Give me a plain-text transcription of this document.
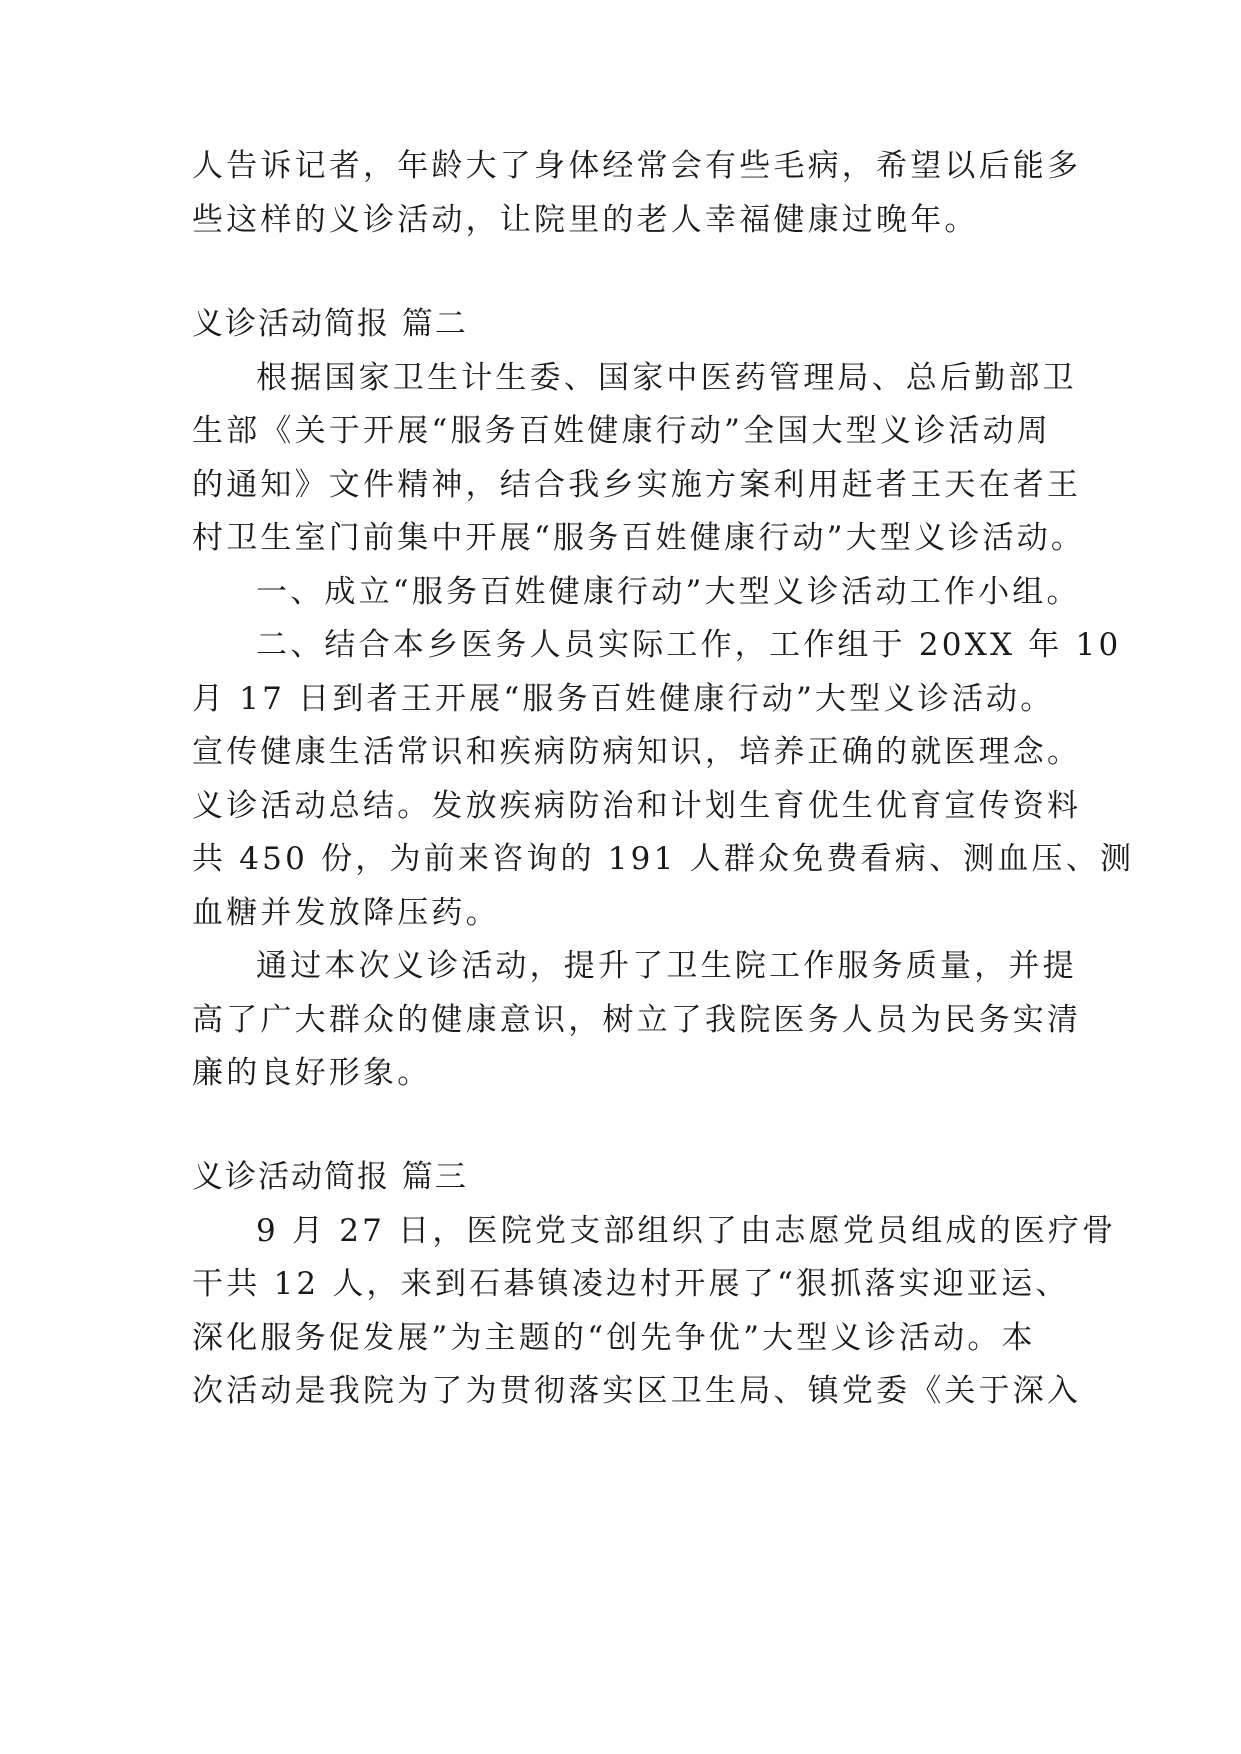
人告诉记者，年龄大了身体经常会有些毛病，希望以后能多
些这样的义诊活动，让院里的老人幸福健康过晚年。
义诊活动简报 篇二
根据国家卫生计生委、国家中医药管理局、总后勤部卫
生部《关于开展“服务百姓健康行动”全国大型义诊活动周
的通知》文件精神，结合我乡实施方案利用赶者王天在者王
村卫生室门前集中开展“服务百姓健康行动”大型义诊活动。
一、成立“服务百姓健康行动”大型义诊活动工作小组。
二、结合本乡医务人员实际工作，工作组于 20XX 年 10
月 17 日到者王开展“服务百姓健康行动”大型义诊活动。
宣传健康生活常识和疾病防病知识，培养正确的就医理念。
义诊活动总结。发放疾病防治和计划生育优生优育宣传资料
共 450 份，为前来咨询的 191 人群众免费看病、测血压、测
血糖并发放降压药。
通过本次义诊活动，提升了卫生院工作服务质量，并提
高了广大群众的健康意识，树立了我院医务人员为民务实清
廉的良好形象。
义诊活动简报 篇三
9 月 27 日，医院党支部组织了由志愿党员组成的医疗骨
干共 12 人，来到石碁镇凌边村开展了“狠抓落实迎亚运、
深化服务促发展”为主题的“创先争优”大型义诊活动。本
次活动是我院为了为贯彻落实区卫生局、镇党委《关于深入
